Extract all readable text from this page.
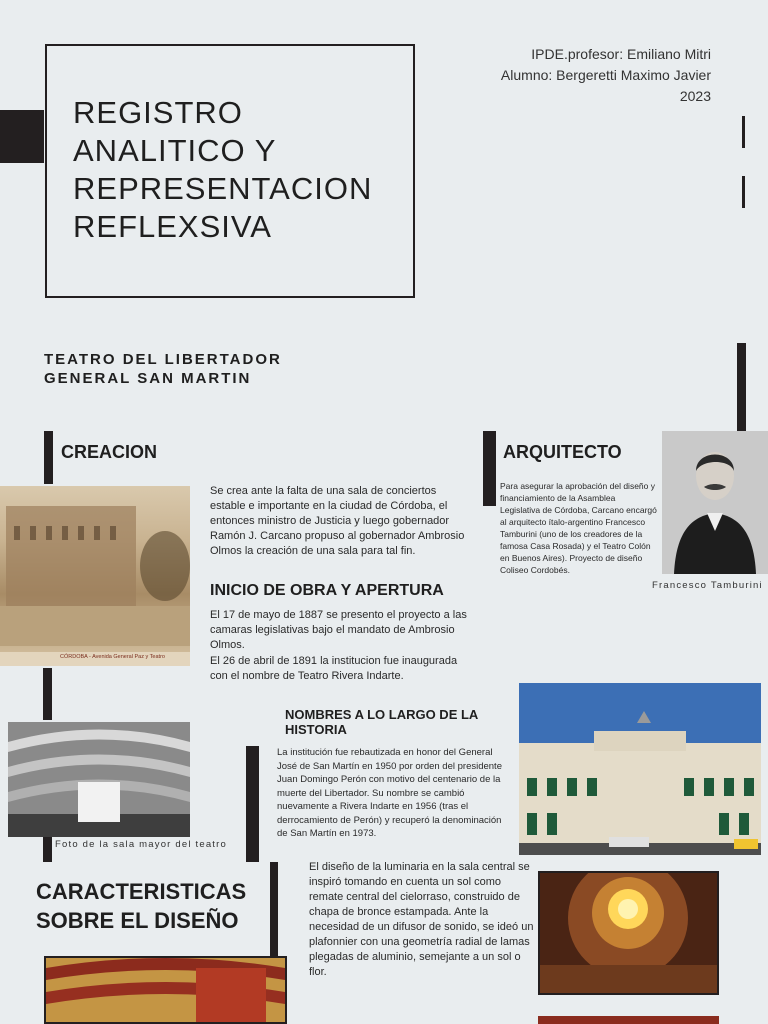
REGISTRO
ANALITICO Y
REPRESENTACION
REFLEXSIVA
IPDE.profesor: Emiliano Mitri
Alumno: Bergeretti Maximo Javier
2023
TEATRO DEL LIBERTADOR
GENERAL SAN MARTIN
CREACION
CÓRDOBA - Avenida General Paz y Teatro
Se crea ante la falta de una sala de conciertos estable e importante en la ciudad de Córdoba, el entonces ministro de Justicia y luego gobernador Ramón J. Carcano propuso al gobernador Ambrosio Olmos la creación de una sala para tal fin.
INICIO DE OBRA Y APERTURA
El 17 de mayo de 1887 se presento el proyecto a las camaras legislativas bajo el mandato de Ambrosio Olmos.
El 26 de abril de 1891 la institucion fue inaugurada con el nombre de Teatro Rivera Indarte.
ARQUITECTO
Para asegurar la aprobación del diseño y financiamiento de la Asamblea Legislativa de Córdoba, Carcano encargó al arquitecto ítalo-argentino Francesco Tamburini (uno de los creadores de la famosa Casa Rosada) y el Teatro Colón en Buenos Aires). Proyecto de diseño Coliseo Cordobés.
Francesco Tamburini
Foto de la sala mayor del teatro
NOMBRES A LO LARGO DE LA HISTORIA
La institución fue rebautizada en honor del General José de San Martín en 1950 por orden del presidente Juan Domingo Perón con motivo del centenario de la muerte del Libertador. Su nombre se cambió nuevamente a Rivera Indarte en 1956 (tras el derrocamiento de Perón) y recuperó la denominación de San Martín en 1973.
CARACTERISTICAS SOBRE EL DISEÑO
El diseño de la luminaria en la sala central se inspiró tomando en cuenta un sol como remate central del cielorraso, construido de chapa de bronce estampada. Ante la necesidad de un difusor de sonido, se ideó un plafonnier con una geometría radial de lamas plegadas de aluminio, semejante a un sol o flor.
